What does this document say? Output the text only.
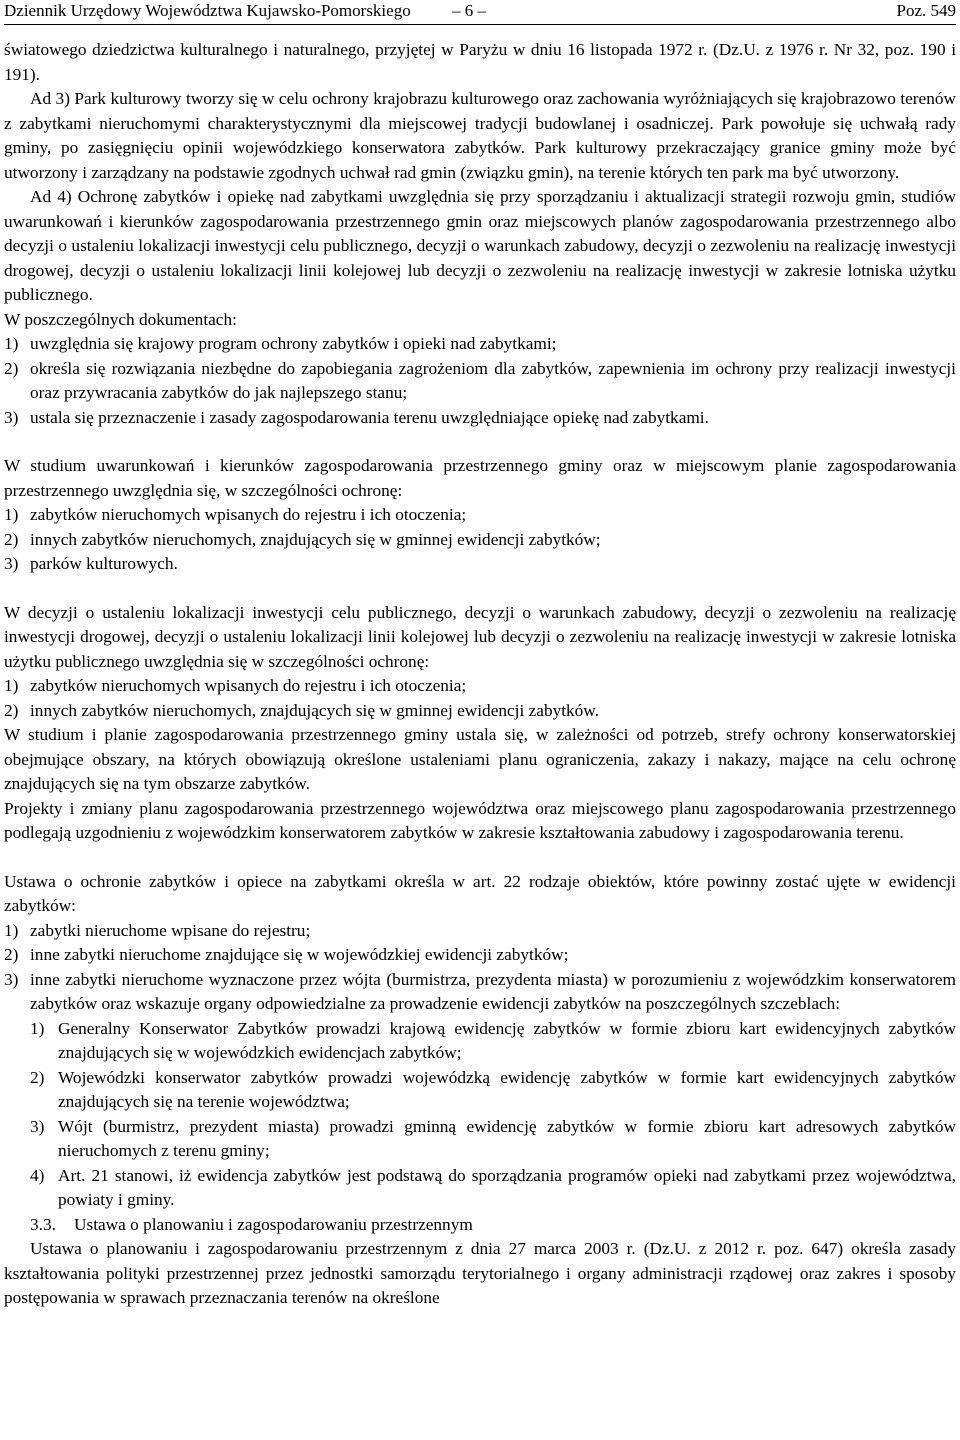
Dziennik Urzędowy Województwa Kujawsko-Pomorskiego – 6 –	Poz. 549

światowego dziedzictwa kulturalnego i naturalnego, przyjętej w Paryżu w dniu 16 listopada 1972 r. (Dz.U. z 1976 r. Nr 32, poz. 190 i 191).

Ad 3) Park kulturowy tworzy się w celu ochrony krajobrazu kulturowego oraz zachowania wyróżniających się krajobrazowo terenów z zabytkami nieruchomymi charakterystycznymi dla miejscowej tradycji budowlanej i osadniczej. Park powołuje się uchwałą rady gminy, po zasięgnięciu opinii wojewódzkiego konserwatora zabytków. Park kulturowy przekraczający granice gminy może być utworzony i zarządzany na podstawie zgodnych uchwał rad gmin (związku gmin), na terenie których ten park ma być utworzony.

Ad 4) Ochronę zabytków i opiekę nad zabytkami uwzględnia się przy sporządzaniu i aktualizacji strategii rozwoju gmin, studiów uwarunkowań i kierunków zagospodarowania przestrzennego gmin oraz miejscowych planów zagospodarowania przestrzennego albo decyzji o ustaleniu lokalizacji inwestycji celu publicznego, decyzji o warunkach zabudowy, decyzji o zezwoleniu na realizację inwestycji drogowej, decyzji o ustaleniu lokalizacji linii kolejowej lub decyzji o zezwoleniu na realizację inwestycji w zakresie lotniska użytku publicznego.

W poszczególnych dokumentach:

1) uwzględnia się krajowy program ochrony zabytków i opieki nad zabytkami;
2) określa się rozwiązania niezbędne do zapobiegania zagrożeniom dla zabytków, zapewnienia im ochrony przy realizacji inwestycji oraz przywracania zabytków do jak najlepszego stanu;
3) ustala się przeznaczenie i zasady zagospodarowania terenu uwzględniające opiekę nad zabytkami.

W studium uwarunkowań i kierunków zagospodarowania przestrzennego gminy oraz w miejscowym planie zagospodarowania przestrzennego uwzględnia się, w szczególności ochronę:

1) zabytków nieruchomych wpisanych do rejestru i ich otoczenia;
2) innych zabytków nieruchomych, znajdujących się w gminnej ewidencji zabytków;
3) parków kulturowych.

W decyzji o ustaleniu lokalizacji inwestycji celu publicznego, decyzji o warunkach zabudowy, decyzji o zezwoleniu na realizację inwestycji drogowej, decyzji o ustaleniu lokalizacji linii kolejowej lub decyzji o zezwoleniu na realizację inwestycji w zakresie lotniska użytku publicznego uwzględnia się w szczególności ochronę:

1) zabytków nieruchomych wpisanych do rejestru i ich otoczenia;
2) innych zabytków nieruchomych, znajdujących się w gminnej ewidencji zabytków.

W studium i planie zagospodarowania przestrzennego gminy ustala się, w zależności od potrzeb, strefy ochrony konserwatorskiej obejmujące obszary, na których obowiązują określone ustaleniami planu ograniczenia, zakazy i nakazy, mające na celu ochronę znajdujących się na tym obszarze zabytków.

Projekty i zmiany planu zagospodarowania przestrzennego województwa oraz miejscowego planu zagospodarowania przestrzennego podlegają uzgodnieniu z wojewódzkim konserwatorem zabytków w zakresie kształtowania zabudowy i zagospodarowania terenu.

Ustawa o ochronie zabytków i opiece na zabytkami określa w art. 22 rodzaje obiektów, które powinny zostać ujęte w ewidencji zabytków:

1) zabytki nieruchome wpisane do rejestru;
2) inne zabytki nieruchome znajdujące się w wojewódzkiej ewidencji zabytków;
3) inne zabytki nieruchome wyznaczone przez wójta (burmistrza, prezydenta miasta) w porozumieniu z wojewódzkim konserwatorem zabytków oraz wskazuje organy odpowiedzialne za prowadzenie ewidencji zabytków na poszczególnych szczeblach:
1) Generalny Konserwator Zabytków prowadzi krajową ewidencję zabytków w formie zbioru kart ewidencyjnych zabytków znajdujących się w wojewódzkich ewidencjach zabytków;
2) Wojewódzki konserwator zabytków prowadzi wojewódzką ewidencję zabytków w formie kart ewidencyjnych zabytków znajdujących się na terenie województwa;
3) Wójt (burmistrz, prezydent miasta) prowadzi gminną ewidencję zabytków w formie zbioru kart adresowych zabytków nieruchomych z terenu gminy;
4) Art. 21 stanowi, iż ewidencja zabytków jest podstawą do sporządzania programów opieki nad zabytkami przez województwa, powiaty i gminy.
3.3.	Ustawa o planowaniu i zagospodarowaniu przestrzennym

Ustawa o planowaniu i zagospodarowaniu przestrzennym z dnia 27 marca 2003 r. (Dz.U. z 2012 r. poz. 647) określa zasady kształtowania polityki przestrzennej przez jednostki samorządu terytorialnego i organy administracji rządowej oraz zakres i sposoby postępowania w sprawach przeznaczania terenów na określone
